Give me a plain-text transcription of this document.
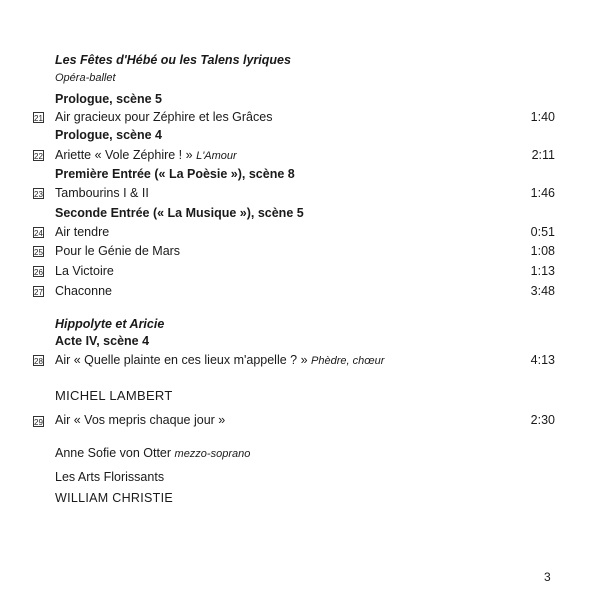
Les Fêtes d'Hébé ou les Talens lyriques
Opéra-ballet
Prologue, scène 5
21 Air gracieux pour Zéphire et les Grâces	1:40
Prologue, scène 4
22 Ariette « Vole Zéphire ! » L'Amour	2:11
Première Entrée (« La Poèsie »), scène 8
23 Tambourins I & II	1:46
Seconde Entrée (« La Musique »), scène 5
24 Air tendre	0:51
25 Pour le Génie de Mars	1:08
26 La Victoire	1:13
27 Chaconne	3:48
Hippolyte et Aricie
Acte IV, scène 4
28 Air « Quelle plainte en ces lieux m'appelle ? » Phèdre, chœur	4:13
MICHEL LAMBERT
29 Air « Vos mepris chaque jour »	2:30
Anne Sofie von Otter mezzo-soprano
Les Arts Florissants
WILLIAM CHRISTIE
3
